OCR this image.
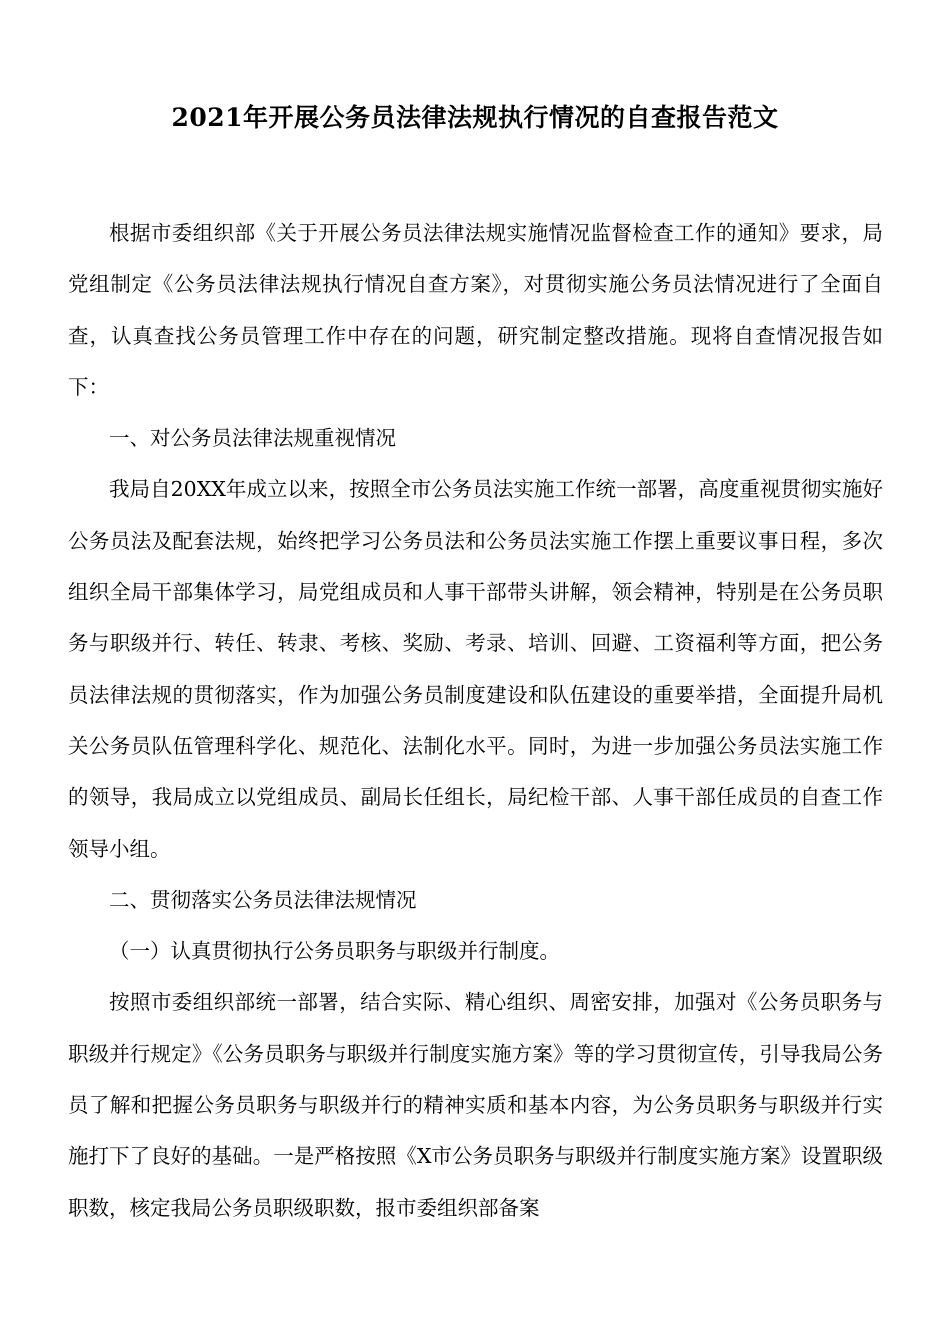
2021年开展公务员法律法规执行情况的自查报告范文

根据市委组织部《关于开展公务员法律法规实施情况监督检查工作的通知》要求，局党组制定《公务员法律法规执行情况自查方案》，对贯彻实施公务员法情况进行了全面自查，认真查找公务员管理工作中存在的问题，研究制定整改措施。现将自查情况报告如下：

一、对公务员法律法规重视情况

我局自20XX年成立以来，按照全市公务员法实施工作统一部署，高度重视贯彻实施好公务员法及配套法规，始终把学习公务员法和公务员法实施工作摆上重要议事日程，多次组织全局干部集体学习，局党组成员和人事干部带头讲解，领会精神，特别是在公务员职务与职级并行、转任、转隶、考核、奖励、考录、培训、回避、工资福利等方面，把公务员法律法规的贯彻落实，作为加强公务员制度建设和队伍建设的重要举措，全面提升局机关公务员队伍管理科学化、规范化、法制化水平。同时，为进一步加强公务员法实施工作的领导，我局成立以党组成员、副局长任组长，局纪检干部、人事干部任成员的自查工作领导小组。

二、贯彻落实公务员法律法规情况

（一）认真贯彻执行公务员职务与职级并行制度。

按照市委组织部统一部署，结合实际、精心组织、周密安排，加强对《公务员职务与职级并行规定》《公务员职务与职级并行制度实施方案》等的学习贯彻宣传，引导我局公务员了解和把握公务员职务与职级并行的精神实质和基本内容，为公务员职务与职级并行实施打下了良好的基础。一是严格按照《X市公务员职务与职级并行制度实施方案》设置职级职数，核定我局公务员职级职数，报市委组织部备案
